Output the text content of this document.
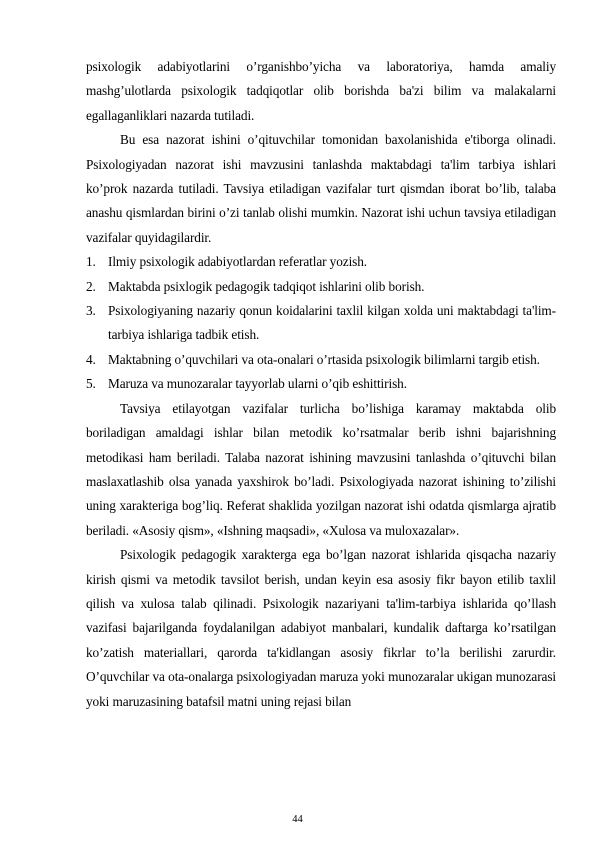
psixologik adabiyotlarini o’rganishbo’yicha va laboratoriya, hamda amaliy mashg’ulotlarda psixologik tadqiqotlar olib borishda ba'zi bilim va malakalarni egallaganliklari nazarda tutiladi.

Bu esa nazorat ishini o’qituvchilar tomonidan baxolanishida e'tiborga olinadi. Psixologiyadan nazorat ishi mavzusini tanlashda maktabdagi ta'lim tarbiya ishlari ko’prok nazarda tutiladi. Tavsiya etiladigan vazifalar turt qismdan iborat bo’lib, talaba anashu qismlardan birini o’zi tanlab olishi mumkin. Nazorat ishi uchun tavsiya etiladigan vazifalar quyidagilardir.

1. Ilmiy psixologik adabiyotlardan referatlar yozish.
2. Maktabda psixlogik pedagogik tadqiqot ishlarini olib borish.
3. Psixologiyaning nazariy qonun koidalarini taxlil kilgan xolda uni maktabdagi ta'lim-tarbiya ishlariga tadbik etish.
4. Maktabning o’quvchilari va ota-onalari o’rtasida psixologik bilimlarni targib etish.
5. Maruza va munozaralar tayyorlab ularni o’qib eshittirish.

Tavsiya etilayotgan vazifalar turlicha bo’lishiga karamay maktabda olib boriladigan amaldagi ishlar bilan metodik ko’rsatmalar berib ishni bajarishning metodikasi ham beriladi. Talaba nazorat ishining mavzusini tanlashda o’qituvchi bilan maslaxatlashib olsa yanada yaxshirok bo’ladi. Psixologiyada nazorat ishining to’zilishi uning xarakteriga bog’liq. Referat shaklida yozilgan nazorat ishi odatda qismlarga ajratib beriladi. «Asosiy qism», «Ishning maqsadi», «Xulosa va muloxazalar».

Psixologik pedagogik xarakterga ega bo’lgan nazorat ishlarida qisqacha nazariy kirish qismi va metodik tavsilot berish, undan keyin esa asosiy fikr bayon etilib taxlil qilish va xulosa talab qilinadi. Psixologik nazariyani ta'lim-tarbiya ishlarida qo’llash vazifasi bajarilganda foydalanilgan adabiyot manbalari, kundalik daftarga ko’rsatilgan ko’zatish materiallari, qarorda ta'kidlangan asosiy fikrlar to’la berilishi zarurdir. O’quvchilar va ota-onalarga psixologiyadan maruza yoki munozaralar ukigan munozarasi yoki maruzasining batafsil matni uning rejasi bilan

44
